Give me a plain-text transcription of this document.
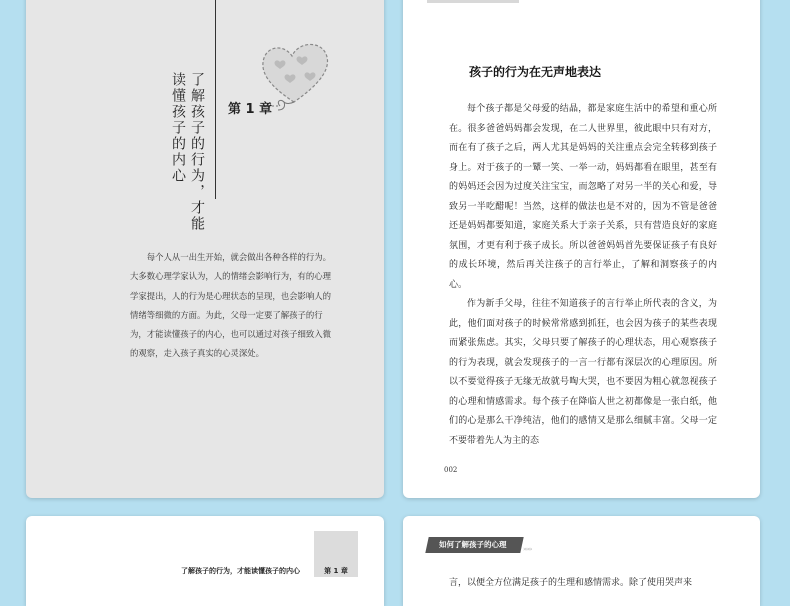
了解孩子的行为，才能
读懂孩子的内心	第 1 章

每个人从一出生开始，就会做出各种各样的行为。大多数心理学家认为，人的情绪会影响行为，有的心理学家提出，人的行为是心理状态的呈现，也会影响人的情绪等细微的方面。为此，父母一定要了解孩子的行为，才能读懂孩子的内心，也可以通过对孩子细致入微的观察，走入孩子真实的心灵深处。

孩子的行为在无声地表达

每个孩子都是父母爱的结晶，都是家庭生活中的希望和重心所在。很多爸爸妈妈都会发现，在二人世界里，彼此眼中只有对方，而在有了孩子之后，两人尤其是妈妈的关注重点会完全转移到孩子身上。对于孩子的一颦一笑、一举一动，妈妈都看在眼里，甚至有的妈妈还会因为过度关注宝宝，而忽略了对另一半的关心和爱，导致另一半吃醋呢！当然，这样的做法也是不对的，因为不管是爸爸还是妈妈都要知道，家庭关系大于亲子关系，只有营造良好的家庭氛围，才更有利于孩子成长。所以爸爸妈妈首先要保证孩子有良好的成长环境，然后再关注孩子的言行举止，了解和洞察孩子的内心。

作为新手父母，往往不知道孩子的言行举止所代表的含义，为此，他们面对孩子的时候常常感到抓狂，也会因为孩子的某些表现而紧张焦虑。其实，父母只要了解孩子的心理状态，用心观察孩子的行为表现，就会发现孩子的一言一行都有深层次的心理原因。所以不要觉得孩子无缘无故就号啕大哭，也不要因为粗心就忽视孩子的心理和情感需求。每个孩子在降临人世之初都像是一张白纸，他们的心是那么干净纯洁，他们的感情又是那么细腻丰富。父母一定不要带着先人为主的态

002
了解孩子的行为，才能读懂孩子的内心	第 1 章
如何了解孩子的心理
››››››

言，以便全方位满足孩子的生理和感情需求。除了使用哭声来
